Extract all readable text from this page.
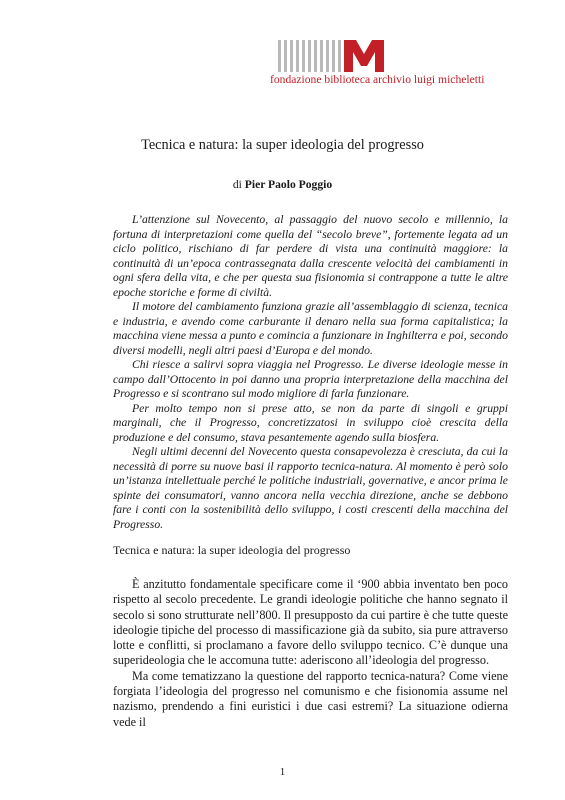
fondazione biblioteca archivio luigi micheletti
Tecnica e natura: la super ideologia del progresso
di Pier Paolo Poggio

L’attenzione sul Novecento, al passaggio del nuovo secolo e millennio, la fortuna di interpretazioni come quella del “secolo breve”, fortemente legata ad un ciclo politico, rischiano di far perdere di vista una continuità maggiore: la continuità di un’epoca contrassegnata dalla crescente velocità dei cambiamenti in ogni sfera della vita, e che per questa sua fisionomia si contrappone a tutte le altre epoche storiche e forme di civiltà.

Il motore del cambiamento funziona grazie all’assemblaggio di scienza, tecnica e industria, e avendo come carburante il denaro nella sua forma capitalistica; la macchina viene messa a punto e comincia a funzionare in Inghilterra e poi, secondo diversi modelli, negli altri paesi d’Europa e del mondo.

Chi riesce a salirvi sopra viaggia nel Progresso. Le diverse ideologie messe in campo dall’Ottocento in poi danno una propria interpretazione della macchina del Progresso e si scontrano sul modo migliore di farla funzionare.

Per molto tempo non si prese atto, se non da parte di singoli e gruppi marginali, che il Progresso, concretizzatosi in sviluppo cioè crescita della produzione e del consumo, stava pesantemente agendo sulla biosfera.

Negli ultimi decenni del Novecento questa consapevolezza è cresciuta, da cui la necessità di porre su nuove basi il rapporto tecnica-natura. Al momento è però solo un’istanza intellettuale perché le politiche industriali, governative, e ancor prima le spinte dei consumatori, vanno ancora nella vecchia direzione, anche se debbono fare i conti con la sostenibilità dello sviluppo, i costi crescenti della macchina del Progresso.

Tecnica e natura: la super ideologia del progresso

È anzitutto fondamentale specificare come il ‘900 abbia inventato ben poco rispetto al secolo precedente. Le grandi ideologie politiche che hanno segnato il secolo si sono strutturate nell’800. Il presupposto da cui partire è che tutte queste ideologie tipiche del processo di massificazione già da subito, sia pure attraverso lotte e conflitti, si proclamano a favore dello sviluppo tecnico. C’è dunque una superideologia che le accomuna tutte: aderiscono all’ideologia del progresso.

Ma come tematizzano la questione del rapporto tecnica-natura? Come viene forgiata l’ideologia del progresso nel comunismo e che fisionomia assume nel nazismo, prendendo a fini euristici i due casi estremi? La situazione odierna vede il

1
